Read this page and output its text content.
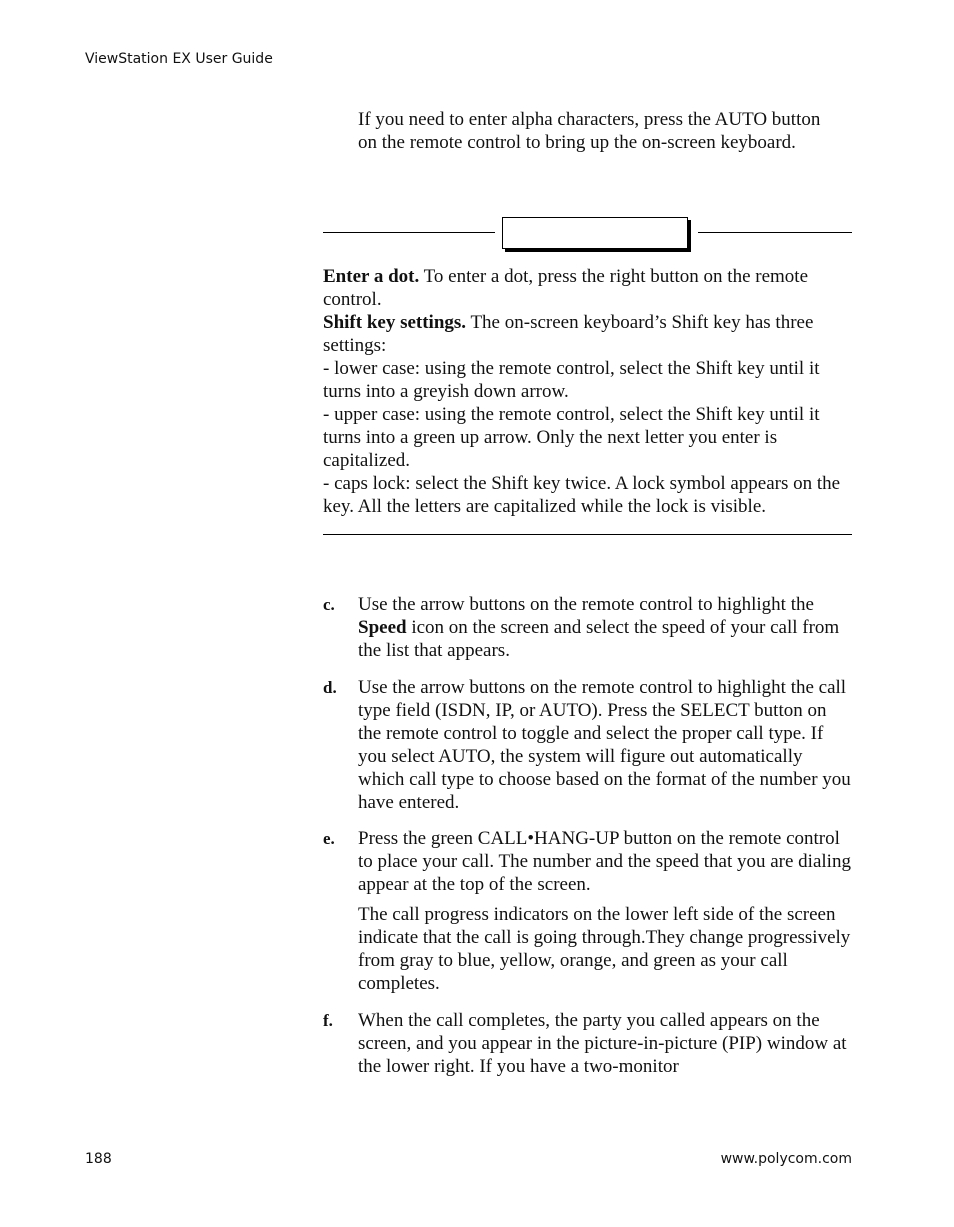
ViewStation EX User Guide

If you need to enter alpha characters, press the AUTO button on the remote control to bring up the on-screen keyboard.

Enter a dot. To enter a dot, press the right button on the remote control.

Shift key settings. The on-screen keyboard’s Shift key has three settings:

- lower case: using the remote control, select the Shift key until it turns into a greyish down arrow.

- upper case: using the remote control, select the Shift key until it turns into a green up arrow. Only the next letter you enter is capitalized.

- caps lock: select the Shift key twice. A lock symbol appears on the key. All the letters are capitalized while the lock is visible.

c. Use the arrow buttons on the remote control to highlight the Speed icon on the screen and select the speed of your call from the list that appears.
d. Use the arrow buttons on the remote control to highlight the call type field (ISDN, IP, or AUTO). Press the SELECT button on the remote control to toggle and select the proper call type. If you select AUTO, the system will figure out automatically which call type to choose based on the format of the number you have entered.
e. Press the green CALL•HANG-UP button on the remote control to place your call. The number and the speed that you are dialing appear at the top of the screen.
The call progress indicators on the lower left side of the screen indicate that the call is going through.They change progressively from gray to blue, yellow, orange, and green as your call completes.
f. When the call completes, the party you called appears on the screen, and you appear in the picture-in-picture (PIP) window at the lower right. If you have a two-monitor
188	www.polycom.com
